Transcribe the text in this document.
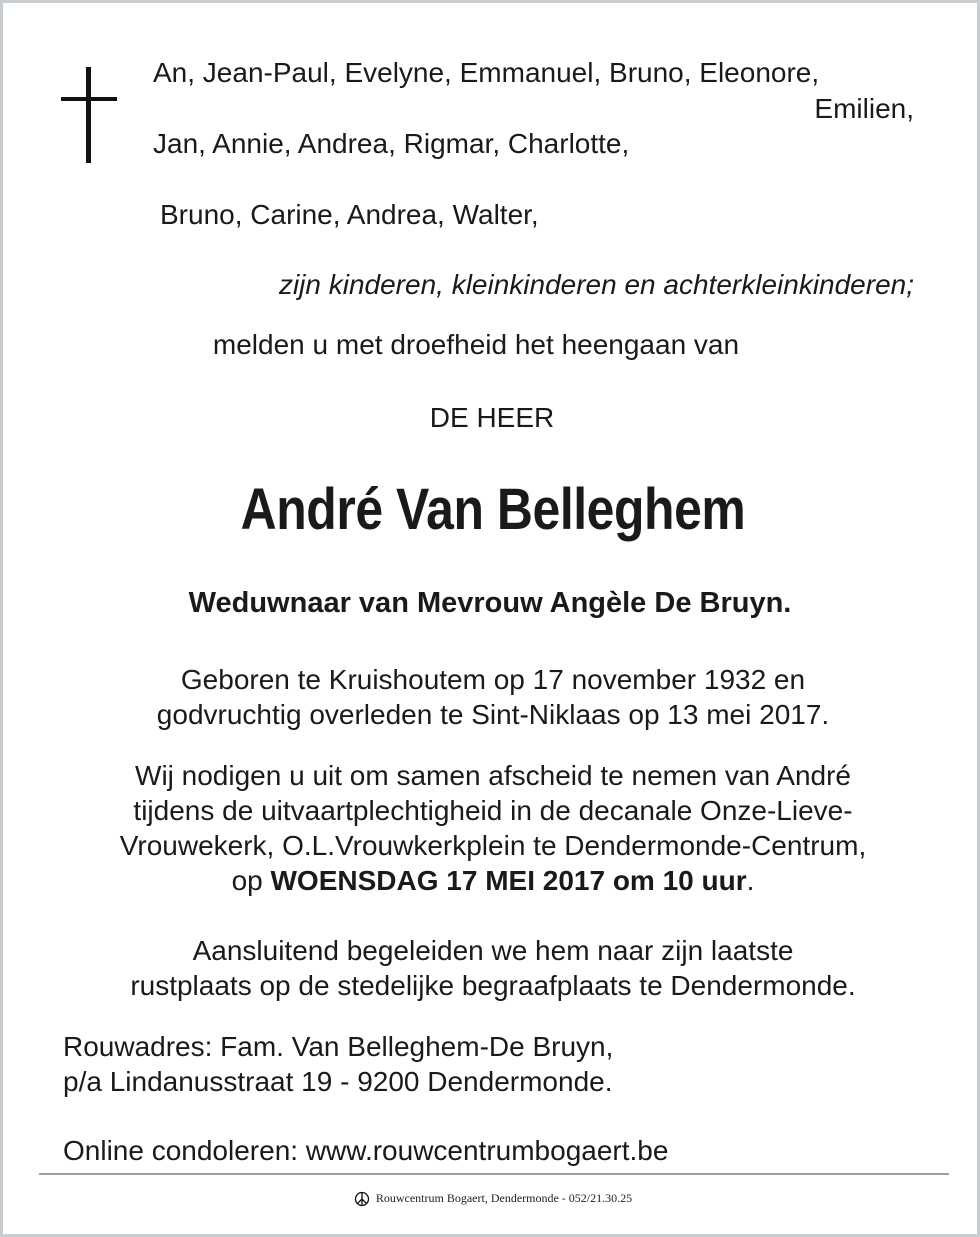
An, Jean-Paul, Evelyne, Emmanuel, Bruno, Eleonore,
Emilien,
Jan, Annie, Andrea, Rigmar, Charlotte,
Bruno, Carine, Andrea, Walter,
zijn kinderen, kleinkinderen en achterkleinkinderen;
melden u met droefheid het heengaan van
DE HEER
André Van Belleghem
Weduwnaar van Mevrouw Angèle De Bruyn.
Geboren te Kruishoutem op 17 november 1932 en
godvruchtig overleden te Sint-Niklaas op 13 mei 2017.
Wij nodigen u uit om samen afscheid te nemen van André
tijdens de uitvaartplechtigheid in de decanale Onze-Lieve-
Vrouwekerk, O.L.Vrouwkerkplein te Dendermonde-Centrum,
op WOENSDAG 17 MEI 2017 om 10 uur.
Aansluitend begeleiden we hem naar zijn laatste
rustplaats op de stedelijke begraafplaats te Dendermonde.
Rouwadres: Fam. Van Belleghem-De Bruyn,
p/a Lindanusstraat 19 - 9200 Dendermonde.
Online condoleren: www.rouwcentrumbogaert.be
Rouwcentrum Bogaert, Dendermonde - 052/21.30.25
